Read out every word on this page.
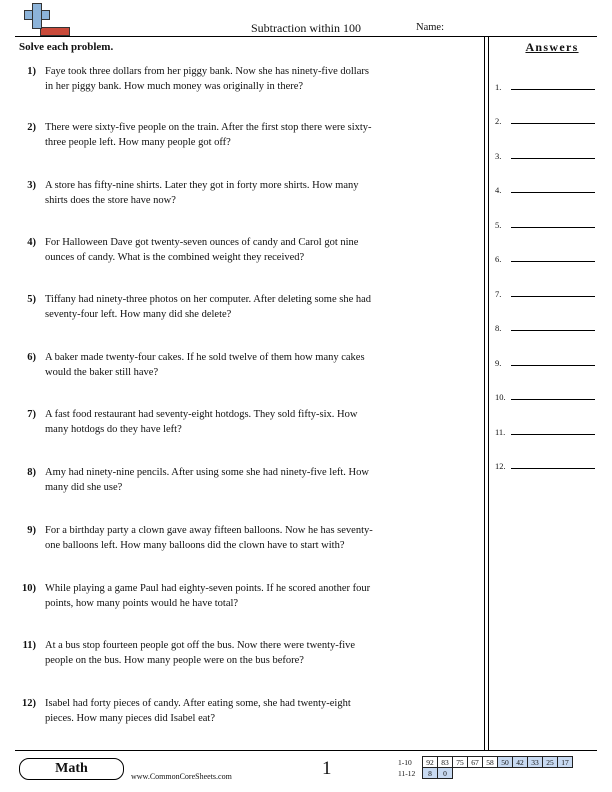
Subtraction within 100	Name:
Solve each problem.	Answers
1) Faye took three dollars from her piggy bank. Now she has ninety-five dollars in her piggy bank. How much money was originally in there?
2) There were sixty-five people on the train. After the first stop there were sixty-three people left. How many people got off?
3) A store has fifty-nine shirts. Later they got in forty more shirts. How many shirts does the store have now?
4) For Halloween Dave got twenty-seven ounces of candy and Carol got nine ounces of candy. What is the combined weight they received?
5) Tiffany had ninety-three photos on her computer. After deleting some she had seventy-four left. How many did she delete?
6) A baker made twenty-four cakes. If he sold twelve of them how many cakes would the baker still have?
7) A fast food restaurant had seventy-eight hotdogs. They sold fifty-six. How many hotdogs do they have left?
8) Amy had ninety-nine pencils. After using some she had ninety-five left. How many did she use?
9) For a birthday party a clown gave away fifteen balloons. Now he has seventy-one balloons left. How many balloons did the clown have to start with?
10) While playing a game Paul had eighty-seven points. If he scored another four points, how many points would he have total?
11) At a bus stop fourteen people got off the bus. Now there were twenty-five people on the bus. How many people were on the bus before?
12) Isabel had forty pieces of candy. After eating some, she had twenty-eight pieces. How many pieces did Isabel eat?
1.
2.
3.
4.
5.
6.
7.
8.
9.
10.
11.
12.
Math
www.CommonCoreSheets.com	1	1-10	92	83	75	67	58	50	42	33	25	17
11-12	8	0								
